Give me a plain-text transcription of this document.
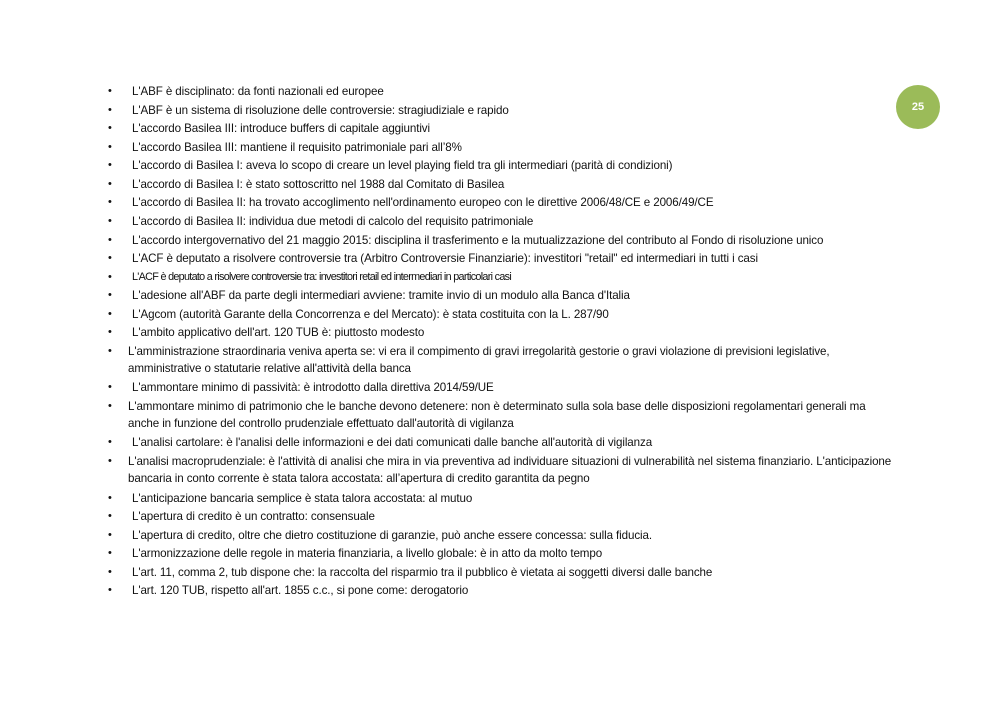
25
• L'ABF è disciplinato: da fonti nazionali ed europee
• L'ABF è un sistema di risoluzione delle controversie: stragiudiziale e rapido
• L'accordo Basilea III: introduce buffers di capitale aggiuntivi
• L'accordo Basilea III: mantiene il requisito patrimoniale pari all’8%
• L'accordo di Basilea I: aveva lo scopo di creare un level playing field tra gli intermediari (parità di condizioni)
• L'accordo di Basilea I: è stato sottoscritto nel 1988 dal Comitato di Basilea
• L'accordo di Basilea II: ha trovato accoglimento nell'ordinamento europeo con le direttive 2006/48/CE e 2006/49/CE
• L'accordo di Basilea II: individua due metodi di calcolo del requisito patrimoniale
• L'accordo intergovernativo del 21 maggio 2015: disciplina il trasferimento e la mutualizzazione del contributo al Fondo di risoluzione unico
• L'ACF è deputato a risolvere controversie tra (Arbitro Controversie Finanziarie): investitori "retail" ed intermediari in tutti i casi
• L'ACF è deputato a risolvere controversie tra: investitori retail ed intermediari in particolari casi
• L'adesione all'ABF da parte degli intermediari avviene: tramite invio di un modulo alla Banca d'Italia
• L'Agcom (autorità Garante della Concorrenza e del Mercato): è stata costituita con la L. 287/90
• L'ambito applicativo dell'art. 120 TUB è: piuttosto modesto
• L'amministrazione straordinaria veniva aperta se: vi era il compimento di gravi irregolarità gestorie o gravi violazione di previsioni legislative, amministrative o statutarie relative all'attività della banca
• L'ammontare minimo di passività: è introdotto dalla direttiva 2014/59/UE
• L'ammontare minimo di patrimonio che le banche devono detenere: non è determinato sulla sola base delle disposizioni regolamentari generali ma anche in funzione del controllo prudenziale effettuato dall'autorità di vigilanza
• L'analisi cartolare: è l'analisi delle informazioni e dei dati comunicati dalle banche all'autorità di vigilanza
• L'analisi macroprudenziale: è l'attività di analisi che mira in via preventiva ad individuare situazioni di vulnerabilità nel sistema finanziario. L'anticipazione bancaria in conto corrente è stata talora accostata: all’apertura di credito garantita da pegno
• L'anticipazione bancaria semplice è stata talora accostata: al mutuo
• L'apertura di credito è un contratto: consensuale
• L'apertura di credito, oltre che dietro costituzione di garanzie, può anche essere concessa: sulla fiducia.
• L'armonizzazione delle regole in materia finanziaria, a livello globale: è in atto da molto tempo
• L'art. 11, comma 2, tub dispone che: la raccolta del risparmio tra il pubblico è vietata ai soggetti diversi dalle banche
• L'art. 120 TUB, rispetto all'art. 1855 c.c., si pone come: derogatorio
